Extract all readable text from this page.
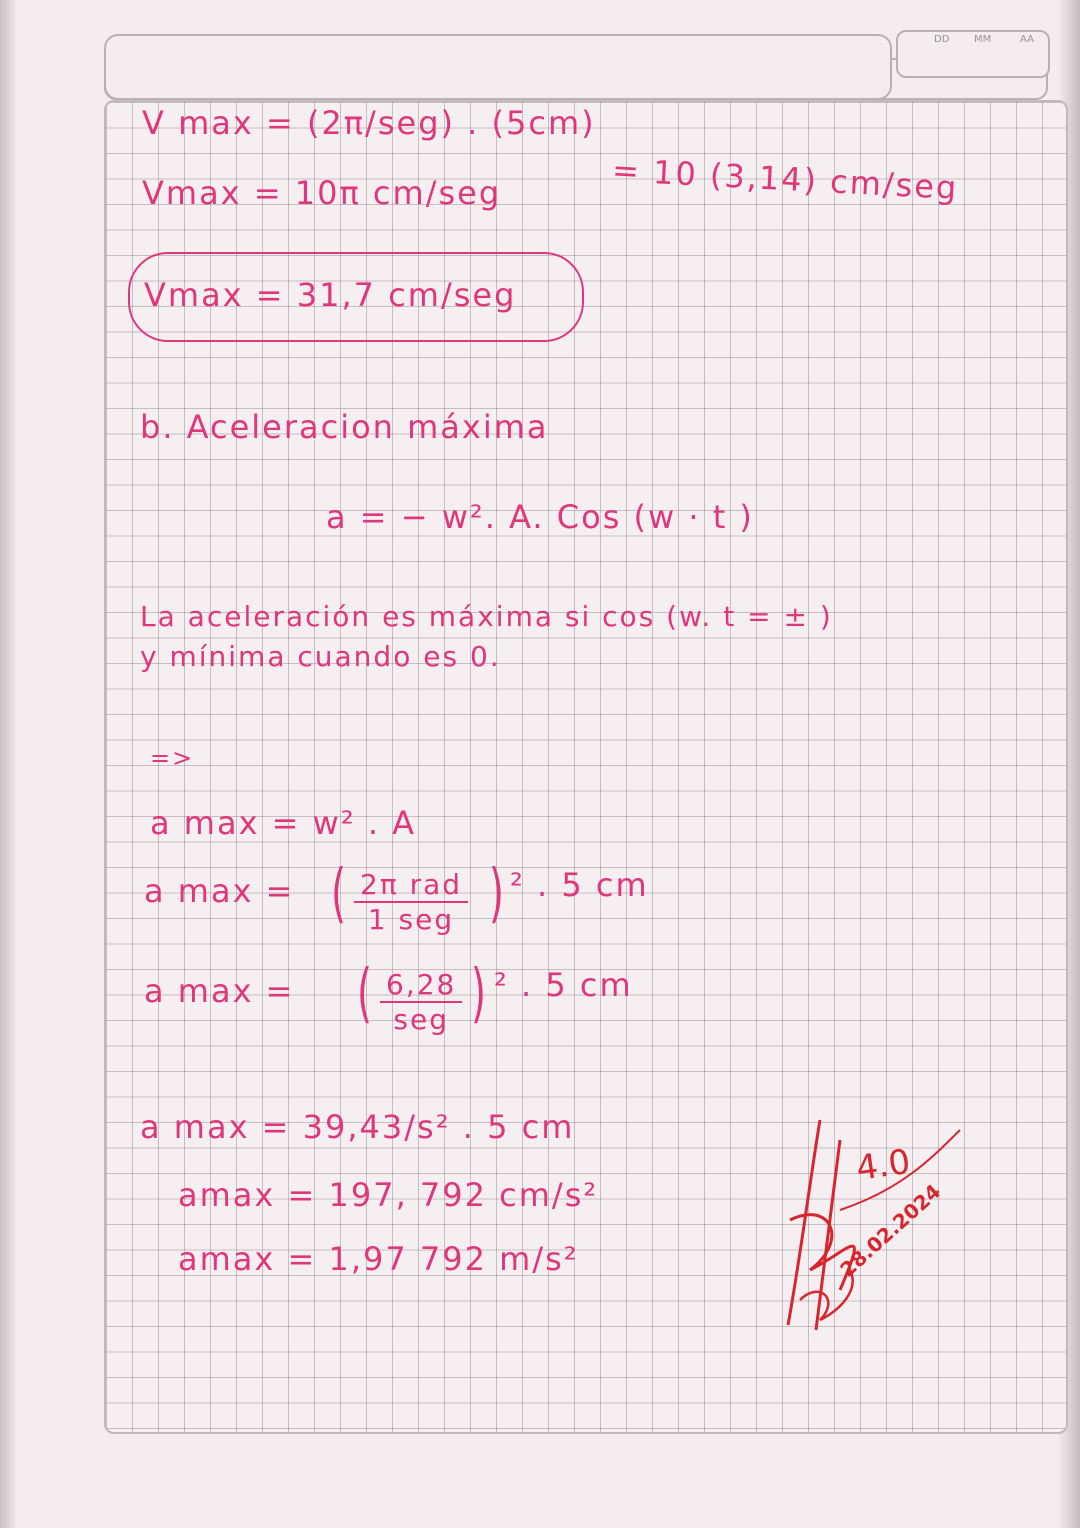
DD MM	AA
V max = (2π/seg) . (5cm)
Vmax = 10π cm/seg	= 10 (3,14) cm/seg
Vmax = 31,7 cm/seg
b. Aceleracion máxima
a = − w². A. Cos (w · t )
La aceleración es máxima si cos (w. t = ± )
y mínima cuando es 0.
=>
a max = w² . A
a max = ( 2π rad
1 seg ) ² . 5 cm
a max = ( 6,28
seg ) ² . 5 cm
a max = 39,43/s² . 5 cm
amax = 197, 792 cm/s²
amax = 1,97 792 m/s²
4.0
28.02.2024
